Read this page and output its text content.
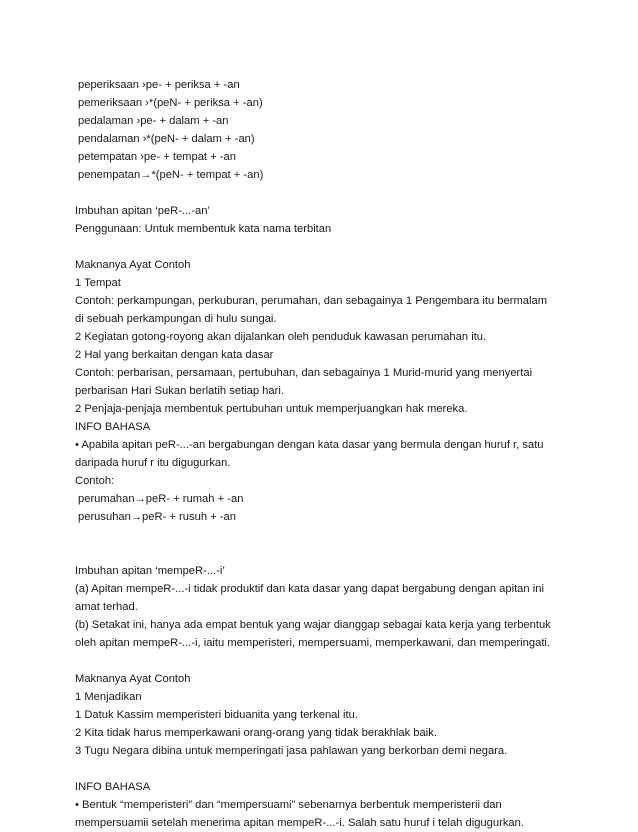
peperiksaan ›pe- + periksa + -an
pemeriksaan ›*(peN- + periksa + -an)
pedalaman ›pe- + dalam + -an
pendalaman ›*(peN- + dalam + -an)
petempatan ›pe- + tempat + -an
penempatan→*(peN- + tempat + -an)
Imbuhan apitan ‘peR-...-an’
Penggunaan: Untuk membentuk kata nama terbitan
Maknanya Ayat Contoh
1 Tempat
Contoh: perkampungan, perkuburan, perumahan, dan sebagainya 1 Pengembara itu bermalam
di sebuah perkampungan di hulu sungai.
2 Kegiatan gotong-royong akan dijalankan oleh penduduk kawasan perumahan itu.
2 Hal yang berkaitan dengan kata dasar
Contoh: perbarisan, persamaan, pertubuhan, dan sebagainya 1 Murid-murid yang menyertai
perbarisan Hari Sukan berlatih setiap hari.
2 Penjaja-penjaja membentuk pertubuhan untuk memperjuangkan hak mereka.
INFO BAHASA
• Apabila apitan peR-...-an bergabungan dengan kata dasar yang bermula dengan huruf r, satu
daripada huruf r itu digugurkan.
Contoh:
perumahan→peR- + rumah + -an
perusuhan→peR- + rusuh + -an
Imbuhan apitan ‘mempeR-...-i’
(a) Apitan mempeR-...-i tidak produktif dan kata dasar yang dapat bergabung dengan apitan ini
amat terhad.
(b) Setakat ini, hanya ada empat bentuk yang wajar dianggap sebagai kata kerja yang terbentuk
oleh apitan mempeR-...-i, iaitu memperisteri, mempersuami, memperkawani, dan memperingati.
Maknanya Ayat Contoh
1 Menjadikan
1 Datuk Kassim memperisteri biduanita yang terkenal itu.
2 Kita tidak harus memperkawani orang-orang yang tidak berakhlak baik.
3 Tugu Negara dibina untuk memperingati jasa pahlawan yang berkorban demi negara.
INFO BAHASA
• Bentuk “memperisteri” dan “mempersuami” sebenarnya berbentuk memperisterii dan
mempersuamii setelah menerima apitan mempeR-...-i. Salah satu huruf i telah digugurkan.
